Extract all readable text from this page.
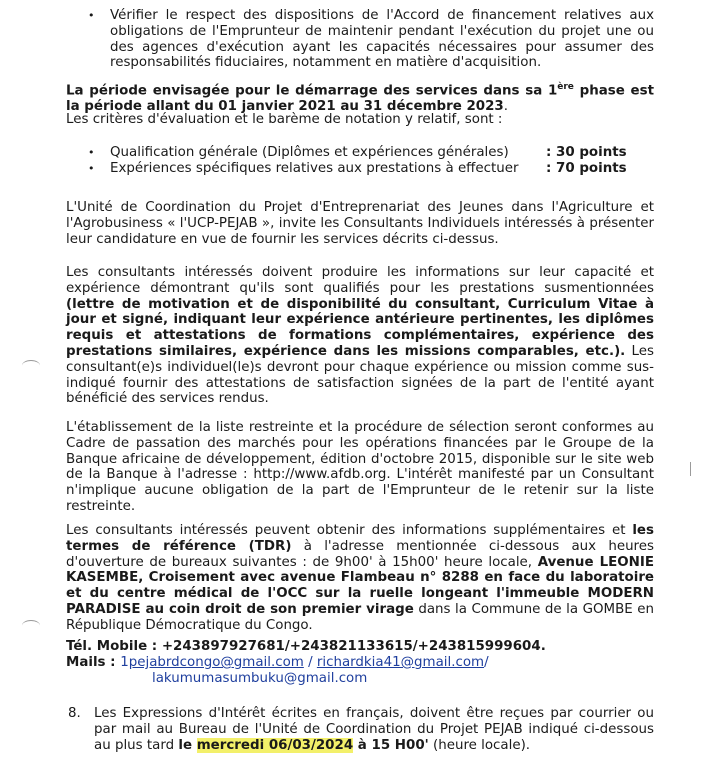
• Vérifier le respect des dispositions de l'Accord de financement relatives aux obligations de l'Emprunteur de maintenir pendant l'exécution du projet une ou des agences d'exécution ayant les capacités nécessaires pour assumer des responsabilités fiduciaires, notamment en matière d'acquisition.

La période envisagée pour le démarrage des services dans sa 1ère phase est la période allant du 01 janvier 2021 au 31 décembre 2023.

Les critères d'évaluation et le barème de notation y relatif, sont :

• Qualification générale (Diplômes et expériences générales)	: 30 points
• Expériences spécifiques relatives aux prestations à effectuer : 70 points

L'Unité de Coordination du Projet d'Entreprenariat des Jeunes dans l'Agriculture et l'Agrobusiness « l'UCP-PEJAB », invite les Consultants Individuels intéressés à présenter leur candidature en vue de fournir les services décrits ci-dessus.

Les consultants intéressés doivent produire les informations sur leur capacité et expérience démontrant qu'ils sont qualifiés pour les prestations susmentionnées (lettre de motivation et de disponibilité du consultant, Curriculum Vitae à jour et signé, indiquant leur expérience antérieure pertinentes, les diplômes requis et attestations de formations complémentaires, expérience des prestations similaires, expérience dans les missions comparables, etc.). Les consultant(e)s individuel(le)s devront pour chaque expérience ou mission comme sus-indiqué fournir des attestations de satisfaction signées de la part de l'entité ayant bénéficié des services rendus.

L'établissement de la liste restreinte et la procédure de sélection seront conformes au Cadre de passation des marchés pour les opérations financées par le Groupe de la Banque africaine de développement, édition d'octobre 2015, disponible sur le site web de la Banque à l'adresse : http://www.afdb.org. L'intérêt manifesté par un Consultant n'implique aucune obligation de la part de l'Emprunteur de le retenir sur la liste restreinte.

Les consultants intéressés peuvent obtenir des informations supplémentaires et les termes de référence (TDR) à l'adresse mentionnée ci-dessous aux heures d'ouverture de bureaux suivantes : de 9h00' à 15h00' heure locale, Avenue LEONIE KASEMBE, Croisement avec avenue Flambeau n° 8288 en face du laboratoire et du centre médical de l'OCC sur la ruelle longeant l'immeuble MODERN PARADISE au coin droit de son premier virage dans la Commune de la GOMBE en République Démocratique du Congo.

Tél. Mobile : +243897927681/+243821133615/+243815999604.
Mails : 1pejabrdcongo@gmail.com / richardkia41@gmail.com/
lakumumasumbuku@gmail.com
8. Les Expressions d'Intérêt écrites en français, doivent être reçues par courrier ou par mail au Bureau de l'Unité de Coordination du Projet PEJAB indiqué ci-dessous au plus tard le mercredi 06/03/2024 à 15 H00' (heure locale).
